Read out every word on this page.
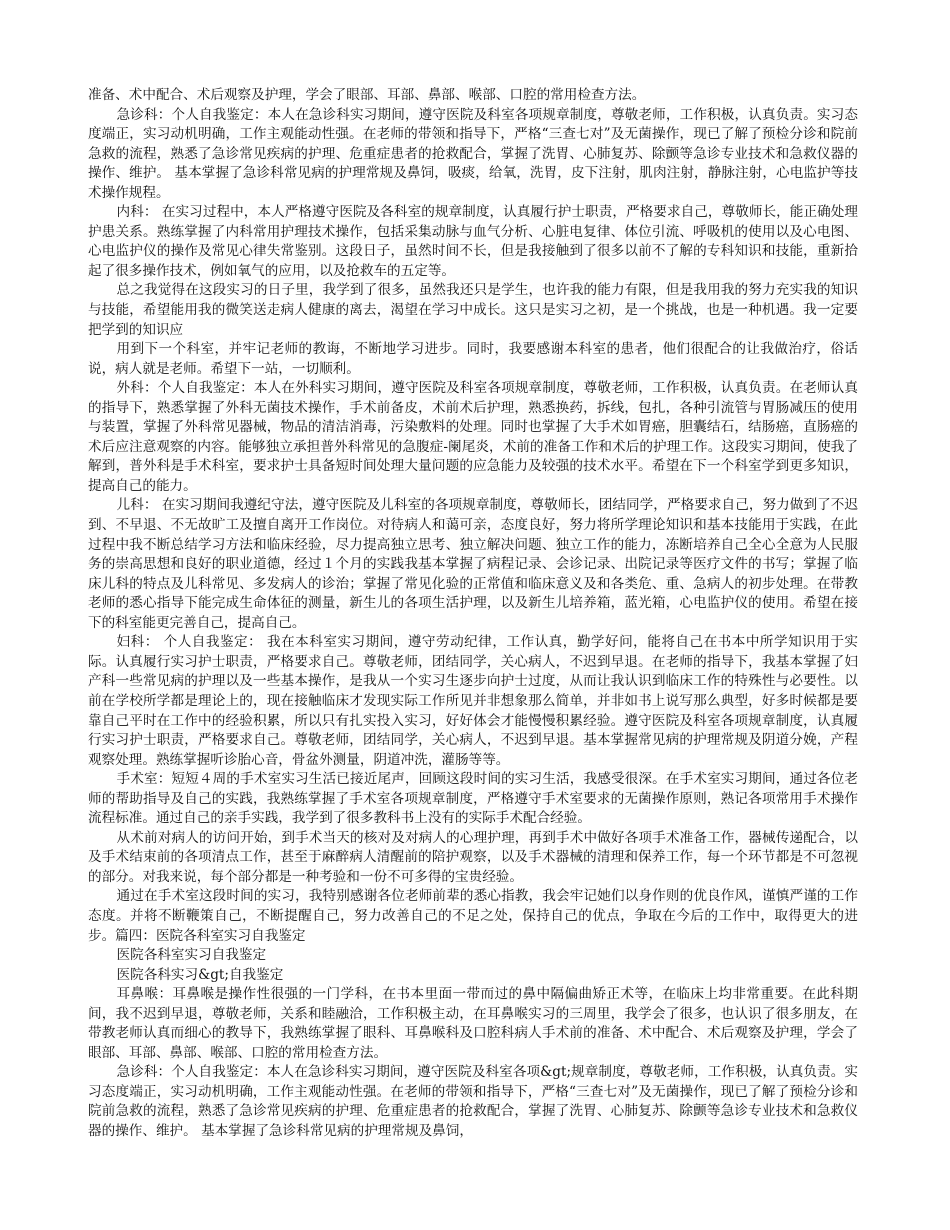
准备、术中配合、术后观察及护理，学会了眼部、耳部、鼻部、喉部、口腔的常用检查方法。

急诊科：个人自我鉴定：本人在急诊科实习期间，遵守医院及科室各项规章制度，尊敬老师，工作积极，认真负责。实习态度端正，实习动机明确，工作主观能动性强。在老师的带领和指导下，严格“三查七对”及无菌操作，现已了解了预检分诊和院前急救的流程，熟悉了急诊常见疾病的护理、危重症患者的抢救配合，掌握了洗胃、心肺复苏、除颤等急诊专业技术和急救仪器的操作、维护。 基本掌握了急诊科常见病的护理常规及鼻饲，吸痰，给氧，洗胃，皮下注射，肌肉注射，静脉注射，心电监护等技术操作规程。

内科： 在实习过程中，本人严格遵守医院及各科室的规章制度，认真履行护士职责，严格要求自己，尊敬师长，能正确处理护患关系。熟练掌握了内科常用护理技术操作，包括采集动脉与血气分析、心脏电复律、体位引流、呼吸机的使用以及心电图、心电监护仪的操作及常见心律失常鉴别。这段日子，虽然时间不长，但是我接触到了很多以前不了解的专科知识和技能，重新拾起了很多操作技术，例如氧气的应用，以及抢救车的五定等。

总之我觉得在这段实习的日子里，我学到了很多，虽然我还只是学生，也许我的能力有限，但是我用我的努力充实我的知识与技能，希望能用我的微笑送走病人健康的离去，渴望在学习中成长。这只是实习之初，是一个挑战，也是一种机遇。我一定要把学到的知识应

用到下一个科室，并牢记老师的教诲，不断地学习进步。同时，我要感谢本科室的患者，他们很配合的让我做治疗，俗话说，病人就是老师。希望下一站，一切顺利。

外科：个人自我鉴定：本人在外科实习期间，遵守医院及科室各项规章制度，尊敬老师，工作积极，认真负责。在老师认真的指导下，熟悉掌握了外科无菌技术操作，手术前备皮，术前术后护理，熟悉换药，拆线，包扎，各种引流管与胃肠减压的使用与装置，掌握了外科常见器械，物品的清洁消毒，污染敷料的处理。同时也掌握了大手术如胃癌，胆囊结石，结肠癌，直肠癌的术后应注意观察的内容。能够独立承担普外科常见的急腹症-阑尾炎，术前的准备工作和术后的护理工作。这段实习期间，使我了解到，普外科是手术科室，要求护士具备短时间处理大量问题的应急能力及较强的技术水平。希望在下一个科室学到更多知识，提高自己的能力。

儿科： 在实习期间我遵纪守法，遵守医院及儿科室的各项规章制度，尊敬师长，团结同学，严格要求自己，努力做到了不迟到、不早退、不无故旷工及擅自离开工作岗位。对待病人和蔼可亲，态度良好，努力将所学理论知识和基本技能用于实践，在此过程中我不断总结学习方法和临床经验，尽力提高独立思考、独立解决问题、独立工作的能力，冻断培养自己全心全意为人民服务的崇高思想和良好的职业道德，经过１个月的实践我基本掌握了病程记录、会诊记录、出院记录等医疗文件的书写；掌握了临床儿科的特点及儿科常见、多发病人的诊治；掌握了常见化验的正常值和临床意义及和各类危、重、急病人的初步处理。在带教老师的悉心指导下能完成生命体征的测量，新生儿的各项生活护理，以及新生儿培养箱，蓝光箱，心电监护仪的使用。希望在接下的科室能更完善自己，提高自己。

妇科： 个人自我鉴定： 我在本科室实习期间，遵守劳动纪律，工作认真，勤学好问，能将自己在书本中所学知识用于实际。认真履行实习护士职责，严格要求自己。尊敬老师，团结同学，关心病人，不迟到早退。在老师的指导下，我基本掌握了妇产科一些常见病的护理以及一些基本操作，是我从一个实习生逐步向护士过度，从而让我认识到临床工作的特殊性与必要性。以前在学校所学都是理论上的，现在接触临床才发现实际工作所见并非想象那么简单，并非如书上说写那么典型，好多时候都是要靠自己平时在工作中的经验积累，所以只有扎实投入实习，好好体会才能慢慢积累经验。遵守医院及科室各项规章制度，认真履行实习护士职责，严格要求自己。尊敬老师，团结同学，关心病人，不迟到早退。基本掌握常见病的护理常规及阴道分娩，产程观察处理。熟练掌握听诊胎心音，骨盆外测量，阴道冲洗，灌肠等等。

手术室：短短４周的手术室实习生活已接近尾声，回顾这段时间的实习生活，我感受很深。在手术室实习期间，通过各位老师的帮助指导及自己的实践，我熟练掌握了手术室各项规章制度，严格遵守手术室要求的无菌操作原则，熟记各项常用手术操作流程标准。通过自己的亲手实践，我学到了很多教科书上没有的实际手术配合经验。

从术前对病人的访问开始，到手术当天的核对及对病人的心理护理，再到手术中做好各项手术准备工作，器械传递配合，以及手术结束前的各项清点工作，甚至于麻醉病人清醒前的陪护观察，以及手术器械的清理和保养工作，每一个环节都是不可忽视的部分。对我来说，每个部分都是一种考验和一份不可多得的宝贵经验。

通过在手术室这段时间的实习，我特别感谢各位老师前辈的悉心指教，我会牢记她们以身作则的优良作风，谨慎严谨的工作态度。并将不断鞭策自己，不断提醒自己，努力改善自己的不足之处，保持自己的优点，争取在今后的工作中，取得更大的进步。篇四：医院各科室实习自我鉴定

医院各科室实习自我鉴定

医院各科实习&gt;自我鉴定

耳鼻喉：耳鼻喉是操作性很强的一门学科，在书本里面一带而过的鼻中隔偏曲矫正术等，在临床上均非常重要。在此科期间，我不迟到早退，尊敬老师，关系和睦融洽，工作积极主动，在耳鼻喉实习的三周里，我学会了很多，也认识了很多朋友，在带教老师认真而细心的教导下，我熟练掌握了眼科、耳鼻喉科及口腔科病人手术前的准备、术中配合、术后观察及护理，学会了眼部、耳部、鼻部、喉部、口腔的常用检查方法。

急诊科：个人自我鉴定：本人在急诊科实习期间，遵守医院及科室各项&gt;规章制度，尊敬老师，工作积极，认真负责。实习态度端正，实习动机明确，工作主观能动性强。在老师的带领和指导下，严格“三查七对”及无菌操作，现已了解了预检分诊和院前急救的流程，熟悉了急诊常见疾病的护理、危重症患者的抢救配合，掌握了洗胃、心肺复苏、除颤等急诊专业技术和急救仪器的操作、维护。 基本掌握了急诊科常见病的护理常规及鼻饲，
